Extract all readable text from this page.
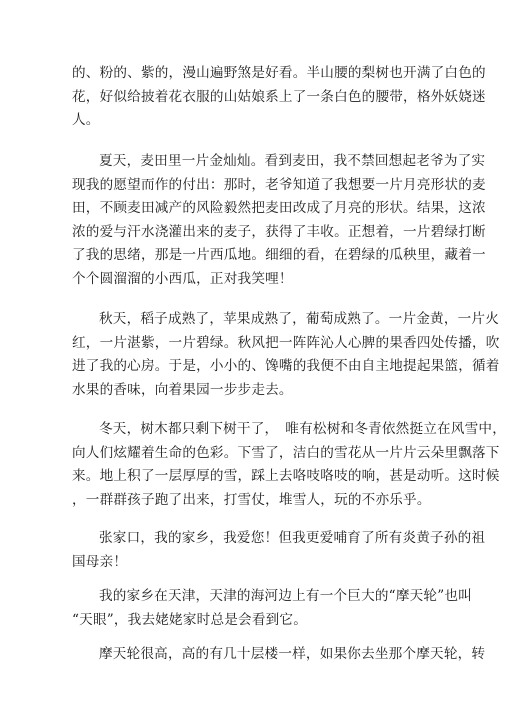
的、粉的、紫的，漫山遍野煞是好看。半山腰的梨树也开满了白色的
花，好似给披着花衣服的山姑娘系上了一条白色的腰带，格外妖娆迷
人。
夏天，麦田里一片金灿灿。看到麦田，我不禁回想起老爷为了实
现我的愿望而作的付出：那时，老爷知道了我想要一片月亮形状的麦
田，不顾麦田减产的风险毅然把麦田改成了月亮的形状。结果，这浓
浓的爱与汗水浇灌出来的麦子，获得了丰收。正想着，一片碧绿打断
了我的思绪，那是一片西瓜地。细细的看，在碧绿的瓜秧里，藏着一
个个圆溜溜的小西瓜，正对我笑哩！
秋天，稻子成熟了，苹果成熟了，葡萄成熟了。一片金黄，一片火
红，一片湛紫，一片碧绿。秋风把一阵阵沁人心脾的果香四处传播，吹
进了我的心房。于是，小小的、馋嘴的我便不由自主地提起果篮，循着
水果的香味，向着果园一步步走去。
冬天，树木都只剩下树干了，　唯有松树和冬青依然挺立在风雪中，
向人们炫耀着生命的色彩。下雪了，洁白的雪花从一片片云朵里飘落下
来。地上积了一层厚厚的雪，踩上去咯吱咯吱的响，甚是动听。这时候
，一群群孩子跑了出来，打雪仗，堆雪人，玩的不亦乐乎。
张家口，我的家乡，我爱您！但我更爱哺育了所有炎黄子孙的祖
国母亲！
我的家乡在天津，天津的海河边上有一个巨大的“摩天轮”也叫
“天眼”，我去姥姥家时总是会看到它。
摩天轮很高，高的有几十层楼一样，如果你去坐那个摩天轮，转
